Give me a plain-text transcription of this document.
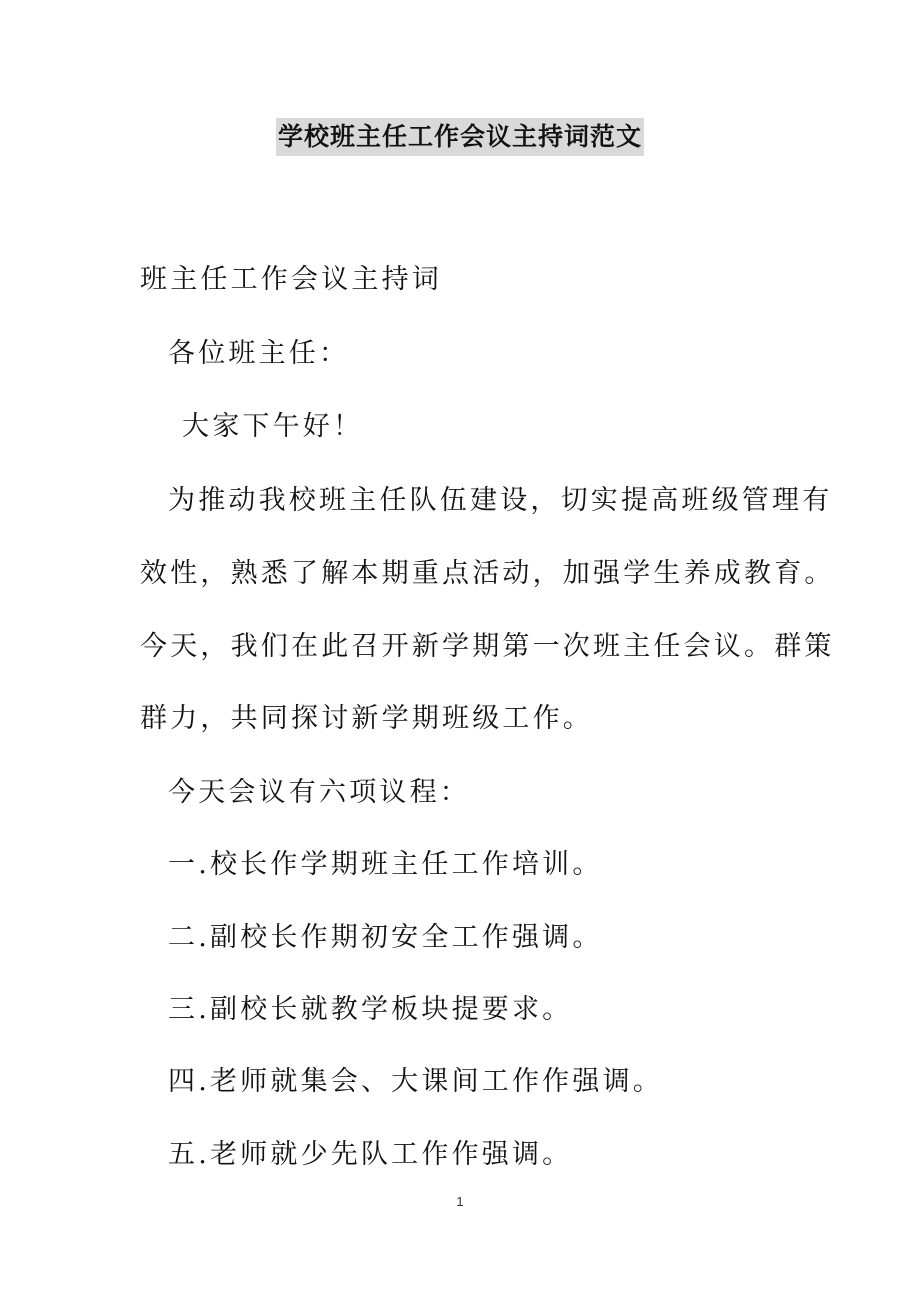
学校班主任工作会议主持词范文
班主任工作会议主持词
各位班主任：
大家下午好！
为推动我校班主任队伍建设，切实提高班级管理有
效性，熟悉了解本期重点活动，加强学生养成教育。
今天，我们在此召开新学期第一次班主任会议。群策
群力，共同探讨新学期班级工作。
今天会议有六项议程：
一.校长作学期班主任工作培训。
二.副校长作期初安全工作强调。
三.副校长就教学板块提要求。
四.老师就集会、大课间工作作强调。
五.老师就少先队工作作强调。
1
